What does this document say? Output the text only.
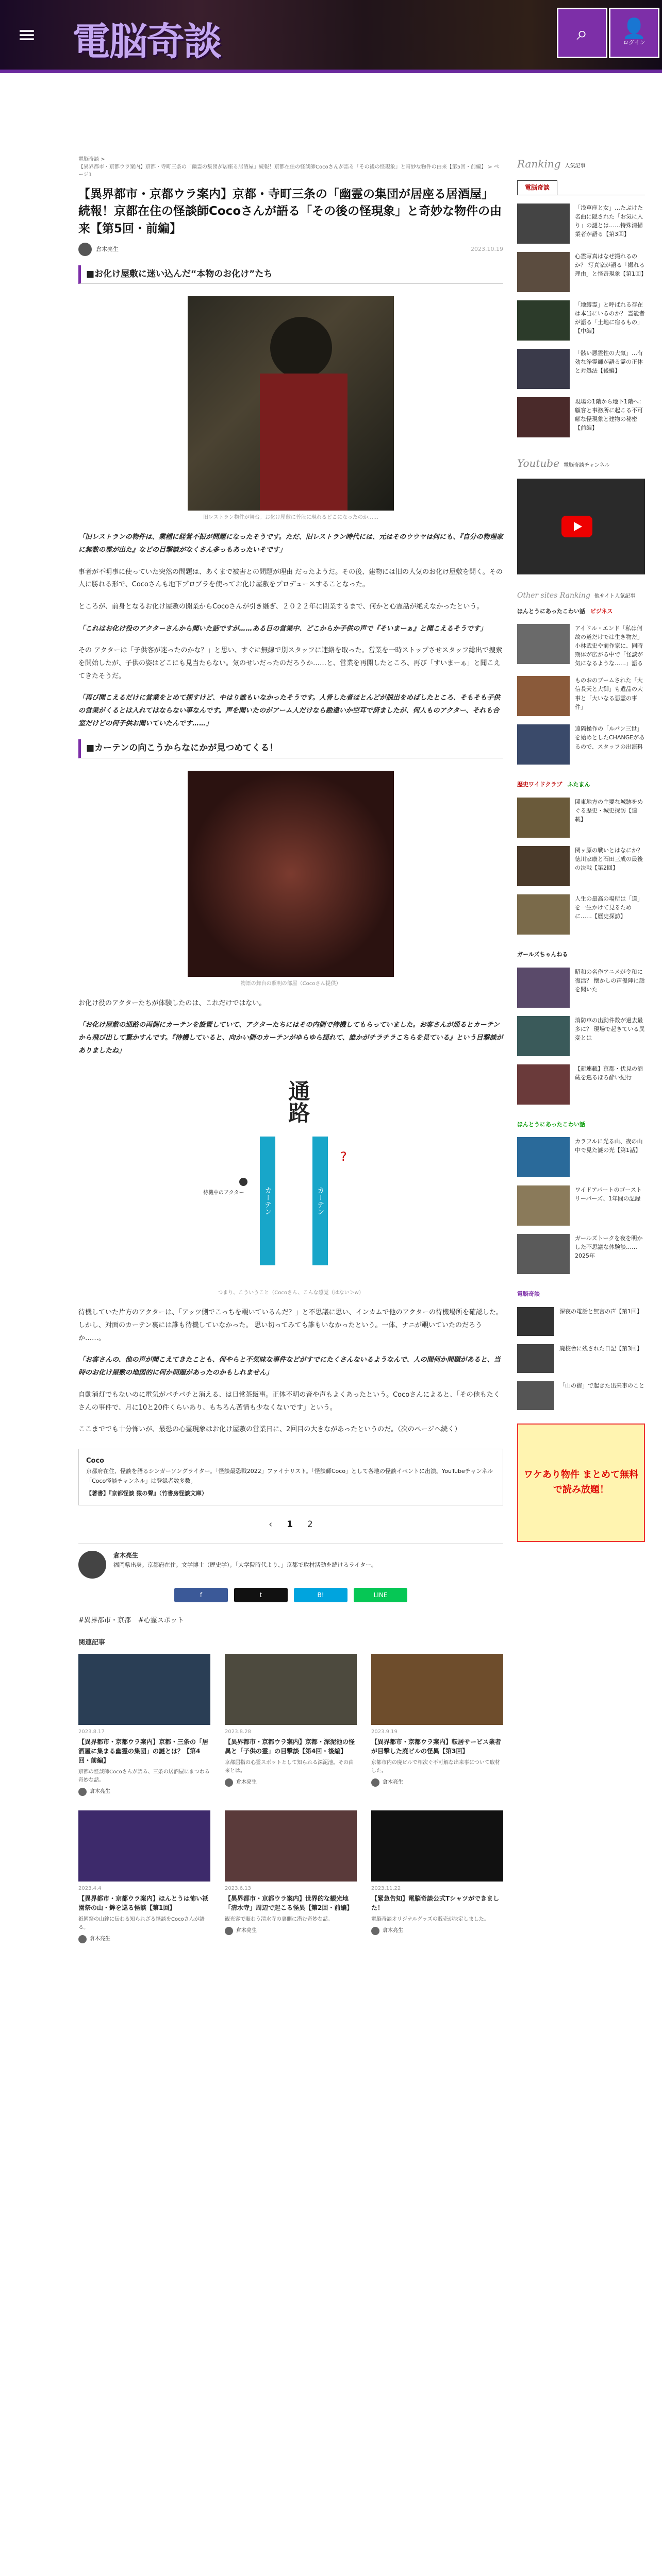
≡ 電脳奇談	⌕ 👤
ログイン
電脳奇談 >
【異界都市・京都ウラ案内】京都・寺町三条の「幽霊の集団が居座る居酒屋」続報！京都在住の怪談師Cocoさんが語る「その後の怪現象」と奇妙な物件の由来【第5回・前編】 > ページ1
【異界都市・京都ウラ案内】京都・寺町三条の「幽霊の集団が居座る居酒屋」続報！京都在住の怪談師Cocoさんが語る「その後の怪現象」と奇妙な物件の由来【第5回・前編】
倉木亮生	2023.10.19
■お化け屋敷に迷い込んだ“本物のお化け”たち
旧レストラン物件が舞台。お化け屋敷に普段に現れるどこになったのか……

「旧レストランの物件は、業種に経営不振が問題になったそうです。ただ、旧レストラン時代には、元はそのウウヤは何にも、『自分の物理家に無数の霊が出た』などの目撃談がなくさん多っもあったいそです」

事者が不明事に使っていた突然の問題は、あくまで被害との問題が理由 だったようだ。その後、建物には旧の人気のお化け屋敷を開く。その人に勝れる形で、Cocoさんも地下プロブラを使ってお化け屋敷をプロデュースすることなった。

ところが、前身となるお化け屋敷の開業からCocoさんが引き継ぎ、２０２２年に閉業するまで、何かと心霊話が絶えなかったという。

「これはお化け役のアクターさんから聞いた話ですが……ある日の営業中、どこからか子供の声で『そいまーぁ』と聞こえるそうです」

その アクターは「子供客が迷ったのかな？」と思い、すぐに無線で別スタッフに連絡を取った。営業を一時ストップさせスタッフ総出で捜索を開始したが、子供の姿はどこにも見当たらない。気のせいだったのだろうか……と、営業を再開したところ、再び「すいまーぁ」と聞こえてきたそうだ。

「再び聞こえるだけに営業をとめて探すけど、やはり誰もいなかったそうです。人骨した者ほとんどが脱出をめばしたところ、そもそも子供の営業がくるとは入れてはならない事なんです。声を聞いたのがアーム人だけなら勘違いか空耳で済ましたが、何人ものアクター、それも合室だけどの何子供お聞いていたんです……」

■カーテンの向こうからなにかが見つめてくる！
物語の舞台の照明の部屋（Cocoさん提供）

お化け役のアクターたちが体験したのは、これだけではない。

「お化け屋敷の通路の両側にカーテンを設置していて、アクターたちにはその内側で待機してもらっていました。お客さんが通るとカーテンから飛び出して驚かすんです。『待機していると、向かい側のカーテンがゆらゆら揺れて、誰かがチラチラこちらを見ている』という目撃談がありましたね」

通路
カーテン	カーテン
待機中のアクター
?
つまり、こういうこと（Cocoさん、こんな感覚（はない＞w）

待機していた片方のアクターは、「アッツ側でこっちを覗いているんだ？」と不思議に思い、インカムで他のアクターの待機場所を確認した。しかし、対面のカーテン裏には誰も待機していなかった。 思い切ってみても誰もいなかったという。一体、ナニが覗いていたのだろうか……。

「お客さんの、他の声が聞こえてきたことも、何やらと不気味な事件などがすでにたくさんないるようなんで、人の間何か問題があると、当時のお化け屋敷の地図的に何か問題があったのかもしれません」

自動消灯でもないのに電気がパチパチと消える、は日常茶飯事。正体不明の音や声もよくあったという。Cocoさんによると、「その他もたくさんの事件で、月に10と20件くらいあり、もちろん苦情も少なくないです」という。

ここまででも十分怖いが、最恐の心霊現象はお化け屋敷の営業日に、2回目の大きながあったというのだ。（次のページへ続く）

Coco
京都府在住、怪談を語るシンガーソングライター。「怪談最恐戦2022」ファイナリスト。「怪談師Coco」として各地の怪談イベントに出演。YouTubeチャンネル「Coco怪談チャンネル」は登録者数多数。
【著書】『京都怪談 猿の聲』（竹書房怪談文庫）
‹ 1 2
倉木亮生
福岡県出身。京都府在住。文学博士（歴史学）。「大学院時代より、」京都で取材活動を続けるライター。
f	t	B!	LINE
#異界都市・京都 #心霊スポット
関連記事
2023.8.17
【異界都市・京都ウラ案内】京都・三条の「居酒屋に集まる幽霊の集団」の謎とは？【第4回・前編】
京都の怪談師Cocoさんが語る、三条の居酒屋にまつわる奇妙な話。
倉木亮生
2023.8.28
【異界都市・京都ウラ案内】京都・深泥池の怪異と「子供の霊」の目撃談【第4回・後編】
京都屈指の心霊スポットとして知られる深泥池。その由来とは。
倉木亮生
2023.9.19
【異界都市・京都ウラ案内】転居サービス業者が目撃した廃ビルの怪異【第3回】
京都市内の廃ビルで相次ぐ不可解な出来事について取材した。
倉木亮生
2023.4.4
【異界都市・京都ウラ案内】ほんとうは怖い祇園祭の山・鉾を巡る怪談【第1回】
祇園祭の山鉾に伝わる知られざる怪談をCocoさんが語る。
倉木亮生
2023.6.13
【異界都市・京都ウラ案内】世界的な観光地「清水寺」周辺で起こる怪異【第2回・前編】
観光客で賑わう清水寺の裏側に潜む奇妙な話。
倉木亮生
2023.11.22
【緊急告知】電脳奇談公式Tシャツができました！
電脳奇談オリジナルグッズの販売が決定しました。
倉木亮生
Ranking 人気記事
電脳奇談
「浅草座と女」…たぶけた名曲に隠された「お気に入り」の謎とは……特殊清掃業者が語る【第3回】
心霊写真はなぜ撮れるのか？ 写真家が語る「撮れる理由」と怪奇現象【第1回】
「地縛霊」と呼ばれる存在は本当にいるのか？ 霊能者が語る「土地に宿るもの」【中編】
「骸い悪霊性の大気」…有効な浄霊師が語る霊の正体と対処法【後編】
現場の1階から地下1階へ：顧客と事務所に起こる不可解な怪現象と建物の秘密【前編】
Youtube 電脳奇談チャンネル
Other sites Ranking 他サイト人気記事
ほんとうにあったこわい話 ビジネス
アイドル・エンド「私は何故の道だけでは生き物だ」小林武史や前作家に、同時期体が広がる中で「怪談が気になるような……」語る
ものおのブームされた「大信長天と大御」も遺品の大事と「大いなる悪霊の事件」
遠隔操作の「ルパン三世」を始めとしたCHANGEがあるので、スタッフの出演料
歴史ワイドクラブ ふたまん
関東地方の主要な城跡をめぐる歴史・城史探訪【連載】
関ヶ原の戦いとはなにか？ 徳川家康と石田三成の最後の決戦【第2回】
人生の最高の場所は「道」を一生かけて見るために……【歴史探訪】
ガールズちゃんねる
昭和の名作アニメが令和に復活？ 懐かしの声優陣に話を聞いた
消防車の出動件数が過去最多に？ 現場で起きている異変とは
【新連載】京都・伏見の酒蔵を巡るほろ酔い紀行
ほんとうにあったこわい話
カラフルに光る山、夜の山中で見た謎の光【第1話】
ワイドアパートのゴーストリーパーズ、1年間の記録
ガールズトークを夜を明かした不思議な体験談……2025年
電脳奇談
深夜の電話と無言の声【第1回】
廃校舎に残された日記【第3回】
「山の宿」で起きた出来事のこと
ワケあり物件 まとめて無料で読み放題！
